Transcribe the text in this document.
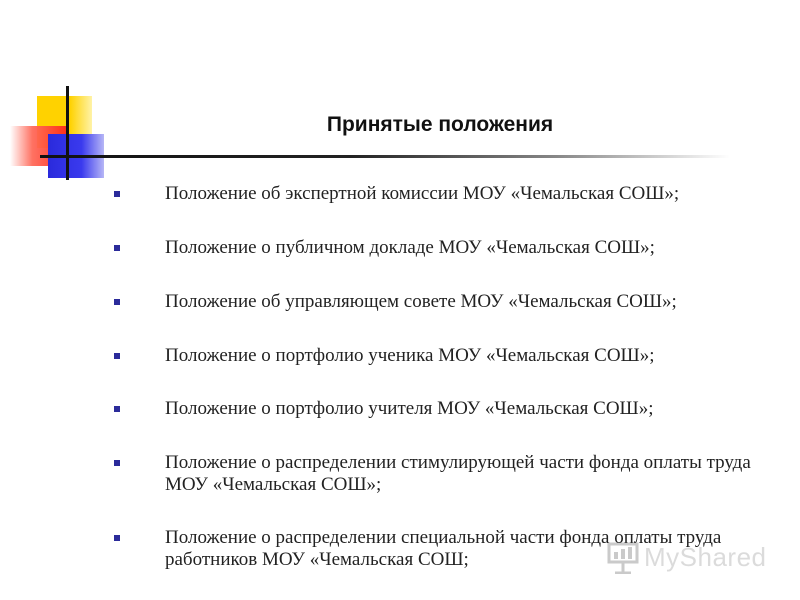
Принятые положения
Положение об экспертной комиссии МОУ «Чемальская СОШ»;
Положение о публичном докладе МОУ «Чемальская СОШ»;
Положение об управляющем совете МОУ «Чемальская СОШ»;
Положение о портфолио ученика МОУ «Чемальская СОШ»;
Положение о портфолио учителя МОУ «Чемальская СОШ»;
Положение о распределении стимулирующей части фонда оплаты труда МОУ «Чемальская СОШ»;
Положение о распределении специальной части фонда оплаты труда работников МОУ «Чемальская СОШ;	MyShared
